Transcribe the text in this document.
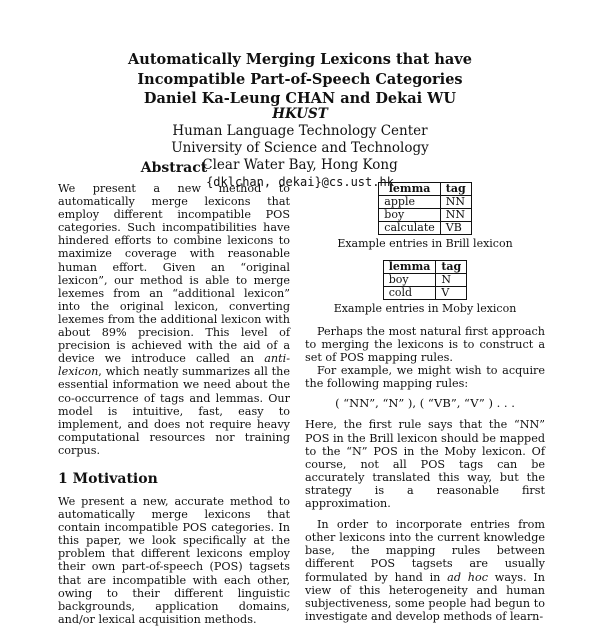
Automatically Merging Lexicons that have
Incompatible Part-of-Speech Categories
Daniel Ka-Leung CHAN and Dekai WU
HKUST
Human Language Technology Center
University of Science and Technology
Clear Water Bay, Hong Kong
{dklchan, dekai}@cs.ust.hk
Abstract

We present a new method to automatically merge lexicons that employ different incompatible POS categories. Such incompatibilities have hindered efforts to combine lexicons to maximize coverage with reasonable human effort. Given an “original lexicon”, our method is able to merge lexemes from an “additional lexicon” into the original lexicon, converting lexemes from the additional lexicon with about 89% precision. This level of precision is achieved with the aid of a device we introduce called an anti-lexicon, which neatly summarizes all the essential information we need about the co-occurrence of tags and lemmas. Our model is intuitive, fast, easy to implement, and does not require heavy computational resources nor training corpus.

1 Motivation

We present a new, accurate method to automatically merge lexicons that contain incompatible POS categories. In this paper, we look specifically at the problem that different lexicons employ their own part-of-speech (POS) tagsets that are incompatible with each other, owing to their different linguistic backgrounds, application domains, and/or lexical acquisition methods.

lemma	tag
apple	NN
boy	NN
calculate	VB
Example entries in Brill lexicon
lemma	tag
boy	N
cold	V
Example entries in Moby lexicon

Perhaps the most natural first approach to merging the lexicons is to construct a set of POS mapping rules.

For example, we might wish to acquire the following mapping rules:

( “NN”, “N” ), ( “VB”, “V” ) . . .

Here, the first rule says that the “NN” POS in the Brill lexicon should be mapped to the “N” POS in the Moby lexicon. Of course, not all POS tags can be accurately translated this way, but the strategy is a reasonable first approximation.

In order to incorporate entries from other lexicons into the current knowledge base, the mapping rules between different POS tagsets are usually formulated by hand in ad hoc ways. In view of this heterogeneity and human subjectiveness, some people had begun to investigate and develop methods of learn-
